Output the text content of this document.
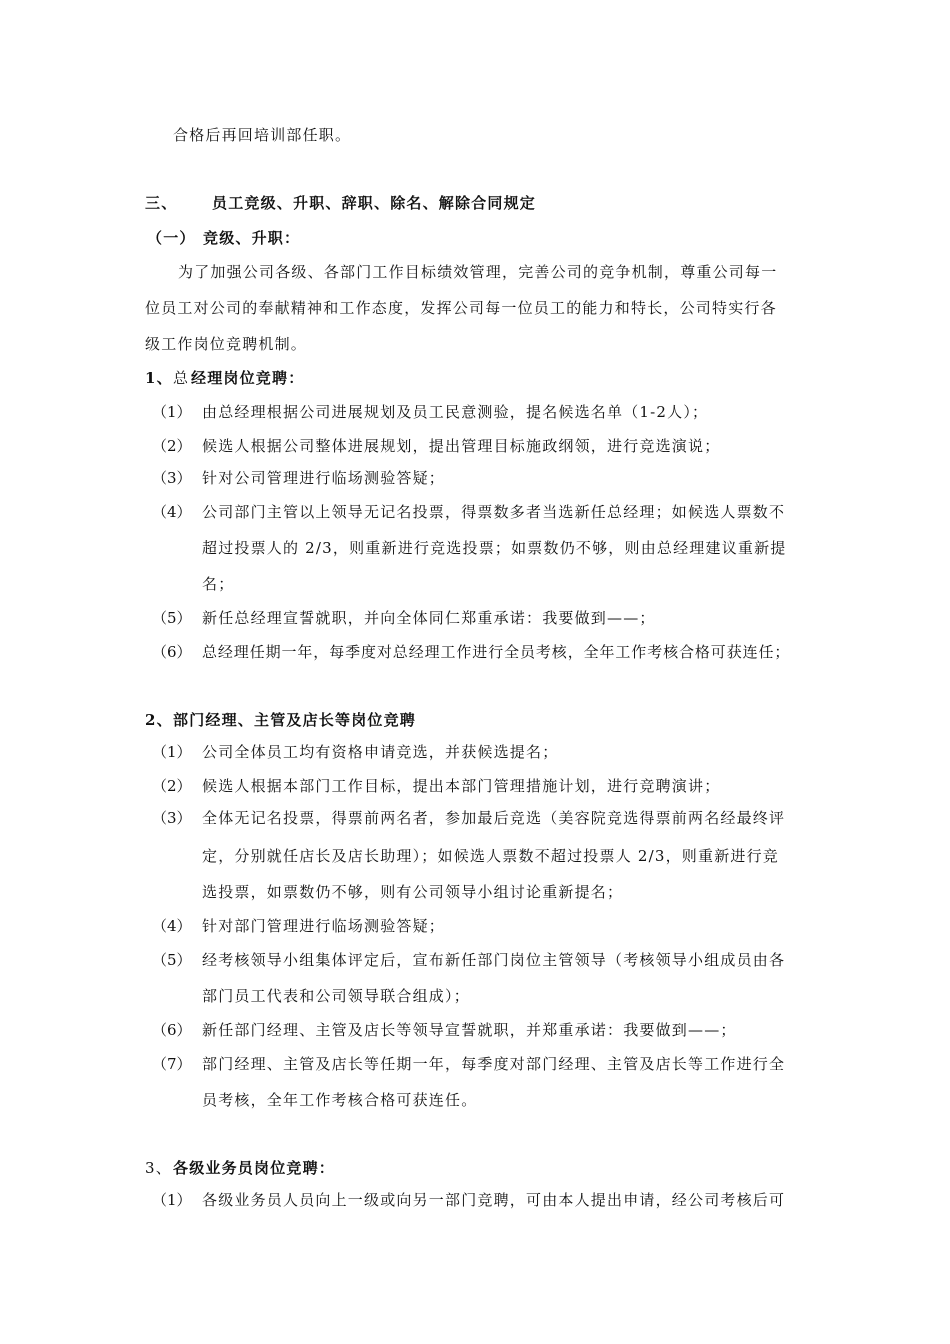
合格后再回培训部任职。
三、 员工竞级、升职、辞职、除名、解除合同规定
（一） 竞级、升职：
为了加强公司各级、各部门工作目标绩效管理，完善公司的竞争机制，尊重公司每一
位员工对公司的奉献精神和工作态度，发挥公司每一位员工的能力和特长，公司特实行各
级工作岗位竞聘机制。
1、 总 经理岗位竞聘：
（1） 由总经理根据公司进展规划及员工民意测验，提名候选名单（1-2人）；
（2） 候选人根据公司整体进展规划，提出管理目标施政纲领，进行竞选演说；
（3） 针对公司管理进行临场测验答疑；
（4） 公司部门主管以上领导无记名投票，得票数多者当选新任总经理；如候选人票数不
超过投票人的 2/3，则重新进行竞选投票；如票数仍不够，则由总经理建议重新提
名；
（5） 新任总经理宣誓就职，并向全体同仁郑重承诺：我要做到——；
（6） 总经理任期一年，每季度对总经理工作进行全员考核，全年工作考核合格可获连任；
2、 部门经理、主管及店长等岗位竞聘
（1） 公司全体员工均有资格申请竞选，并获候选提名；
（2） 候选人根据本部门工作目标，提出本部门管理措施计划，进行竞聘演讲；
（3） 全体无记名投票，得票前两名者，参加最后竞选（美容院竞选得票前两名经最终评
定，分别就任店长及店长助理）；如候选人票数不超过投票人 2/3，则重新进行竞
选投票，如票数仍不够，则有公司领导小组讨论重新提名；
（4） 针对部门管理进行临场测验答疑；
（5） 经考核领导小组集体评定后，宣布新任部门岗位主管领导（考核领导小组成员由各
部门员工代表和公司领导联合组成）；
（6） 新任部门经理、主管及店长等领导宣誓就职，并郑重承诺：我要做到——；
（7） 部门经理、主管及店长等任期一年，每季度对部门经理、主管及店长等工作进行全
员考核，全年工作考核合格可获连任。
3、 各级业务员岗位竞聘：
（1） 各级业务员人员向上一级或向另一部门竞聘，可由本人提出申请，经公司考核后可
